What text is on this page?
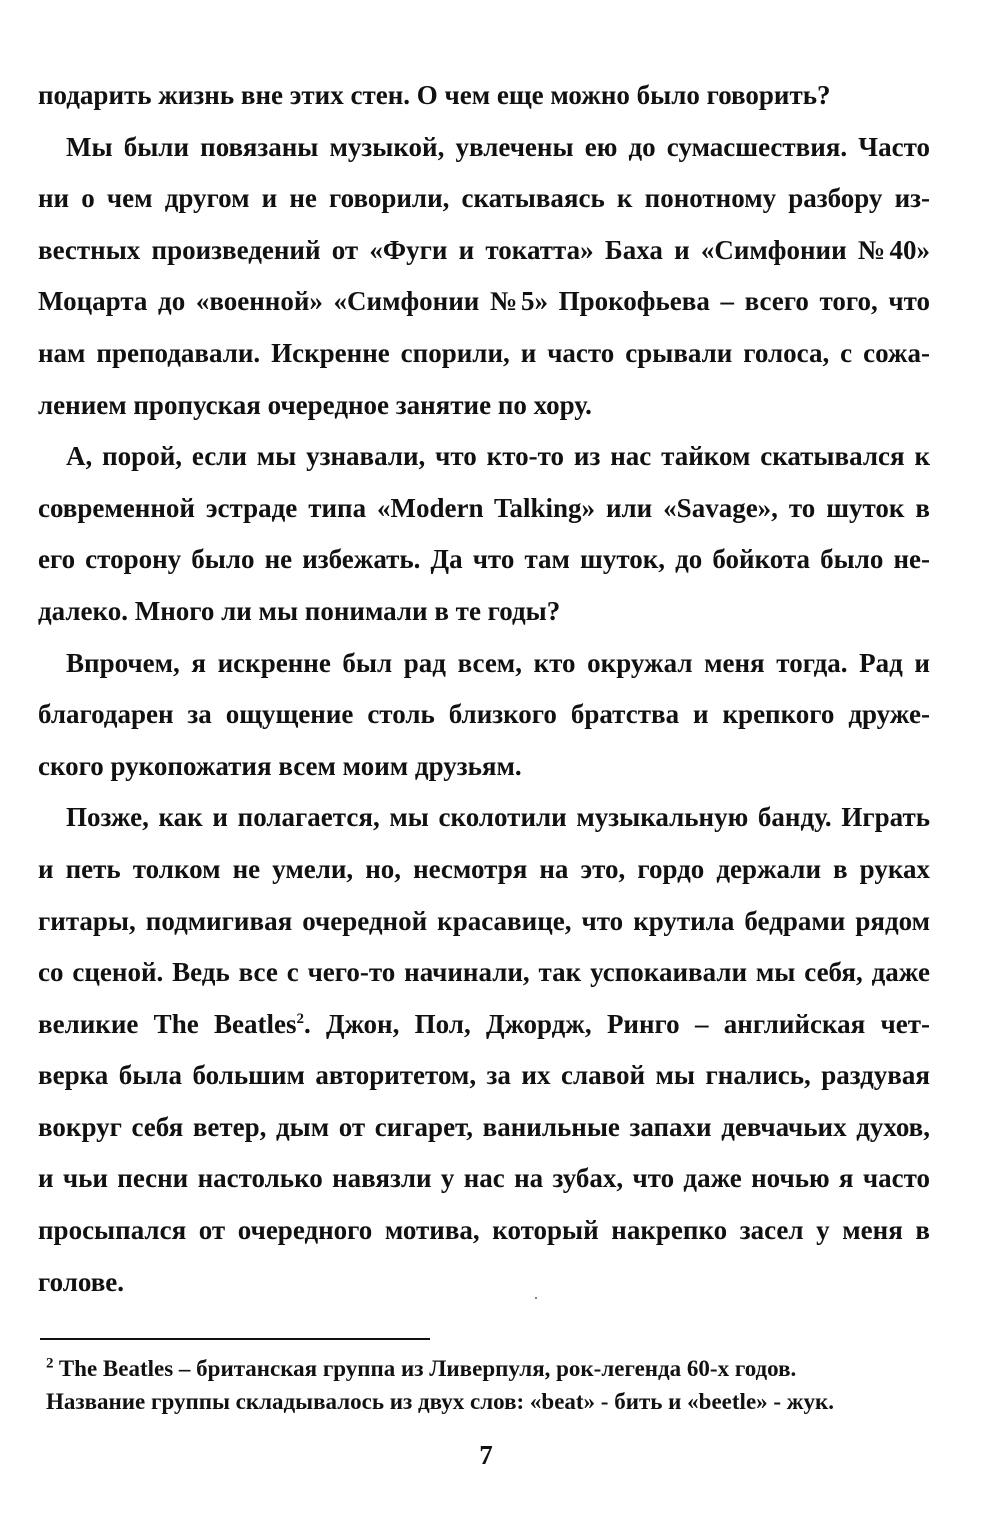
подарить жизнь вне этих стен. О чем еще можно было говорить?
Мы были повязаны музыкой, увлечены ею до сумасшествия. Часто
ни о чем другом и не говорили, скатываясь к понотному разбору из-
вестных произведений от «Фуги и токатта» Баха и «Симфонии №40»
Моцарта до «военной» «Симфонии №5» Прокофьева – всего того, что
нам преподавали. Искренне спорили, и часто срывали голоса, с сожа-
лением пропуская очередное занятие по хору.
А, порой, если мы узнавали, что кто-то из нас тайком скатывался к
современной эстраде типа «Modern Talking» или «Savage», то шуток в
его сторону было не избежать. Да что там шуток, до бойкота было не-
далеко. Много ли мы понимали в те годы?
Впрочем, я искренне был рад всем, кто окружал меня тогда. Рад и
благодарен за ощущение столь близкого братства и крепкого друже-
ского рукопожатия всем моим друзьям.
Позже, как и полагается, мы сколотили музыкальную банду. Играть
и петь толком не умели, но, несмотря на это, гордо держали в руках
гитары, подмигивая очередной красавице, что крутила бедрами рядом
со сценой. Ведь все с чего-то начинали, так успокаивали мы себя, даже
великие The Beatles$^2$. Джон, Пол, Джордж, Ринго – английская чет-
верка была большим авторитетом, за их славой мы гнались, раздувая
вокруг себя ветер, дым от сигарет, ванильные запахи девчачьих духов,
и чьи песни настолько навязли у нас на зубах, что даже ночью я часто
просыпался от очередного мотива, который накрепко засел у меня в
голове.
$^2$ The Beatles – британская группа из Ливерпуля, рок-легенда 60-х годов.
Название группы складывалось из двух слов: «beat» - бить и «beetle» - жук.
7
